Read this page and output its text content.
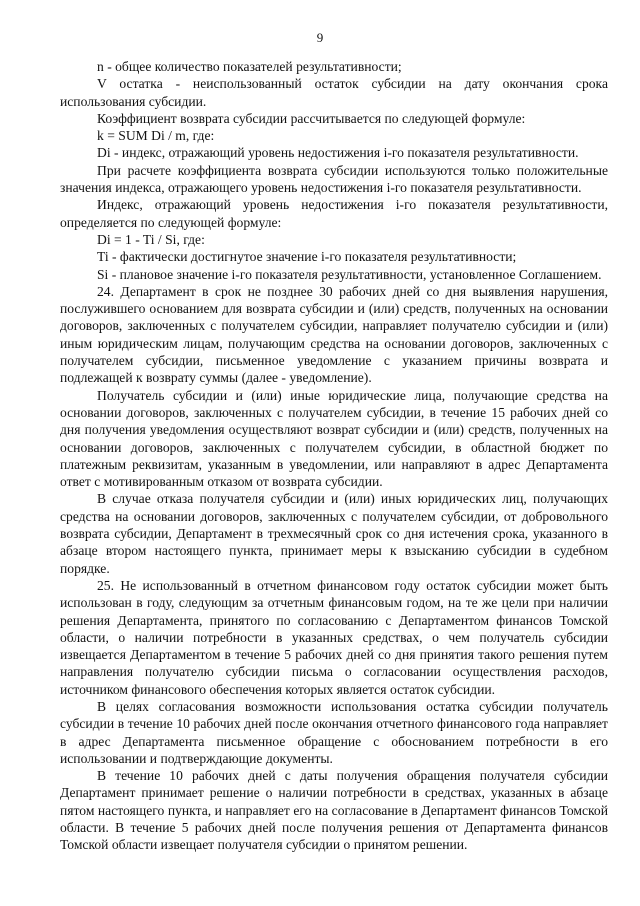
9

n - общее количество показателей результативности;

V остатка - неиспользованный остаток субсидии на дату окончания срока использования субсидии.

Коэффициент возврата субсидии рассчитывается по следующей формуле:

k = SUM Di / m, где:

Di - индекс, отражающий уровень недостижения i-го показателя результативности.

При расчете коэффициента возврата субсидии используются только положительные значения индекса, отражающего уровень недостижения i-го показателя результативности.

Индекс, отражающий уровень недостижения i-го показателя результативности, определяется по следующей формуле:

Di = 1 - Ti / Si, где:

Ti - фактически достигнутое значение i-го показателя результативности;

Si - плановое значение i-го показателя результативности, установленное Соглашением.

24. Департамент в срок не позднее 30 рабочих дней со дня выявления нарушения, послужившего основанием для возврата субсидии и (или) средств, полученных на основании договоров, заключенных с получателем субсидии, направляет получателю субсидии и (или) иным юридическим лицам, получающим средства на основании договоров, заключенных с получателем субсидии, письменное уведомление с указанием причины возврата и подлежащей к возврату суммы (далее - уведомление).

Получатель субсидии и (или) иные юридические лица, получающие средства на основании договоров, заключенных с получателем субсидии, в течение 15 рабочих дней со дня получения уведомления осуществляют возврат субсидии и (или) средств, полученных на основании договоров, заключенных с получателем субсидии, в областной бюджет по платежным реквизитам, указанным в уведомлении, или направляют в адрес Департамента ответ с мотивированным отказом от возврата субсидии.

В случае отказа получателя субсидии и (или) иных юридических лиц, получающих средства на основании договоров, заключенных с получателем субсидии, от добровольного возврата субсидии, Департамент в трехмесячный срок со дня истечения срока, указанного в абзаце втором настоящего пункта, принимает меры к взысканию субсидии в судебном порядке.

25. Не использованный в отчетном финансовом году остаток субсидии может быть использован в году, следующим за отчетным финансовым годом, на те же цели при наличии решения Департамента, принятого по согласованию с Департаментом финансов Томской области, о наличии потребности в указанных средствах, о чем получатель субсидии извещается Департаментом в течение 5 рабочих дней со дня принятия такого решения путем направления получателю субсидии письма о согласовании осуществления расходов, источником финансового обеспечения которых является остаток субсидии.

В целях согласования возможности использования остатка субсидии получатель субсидии в течение 10 рабочих дней после окончания отчетного финансового года направляет в адрес Департамента письменное обращение с обоснованием потребности в его использовании и подтверждающие документы.

В течение 10 рабочих дней с даты получения обращения получателя субсидии Департамент принимает решение о наличии потребности в средствах, указанных в абзаце пятом настоящего пункта, и направляет его на согласование в Департамент финансов Томской области. В течение 5 рабочих дней после получения решения от Департамента финансов Томской области извещает получателя субсидии о принятом решении.
